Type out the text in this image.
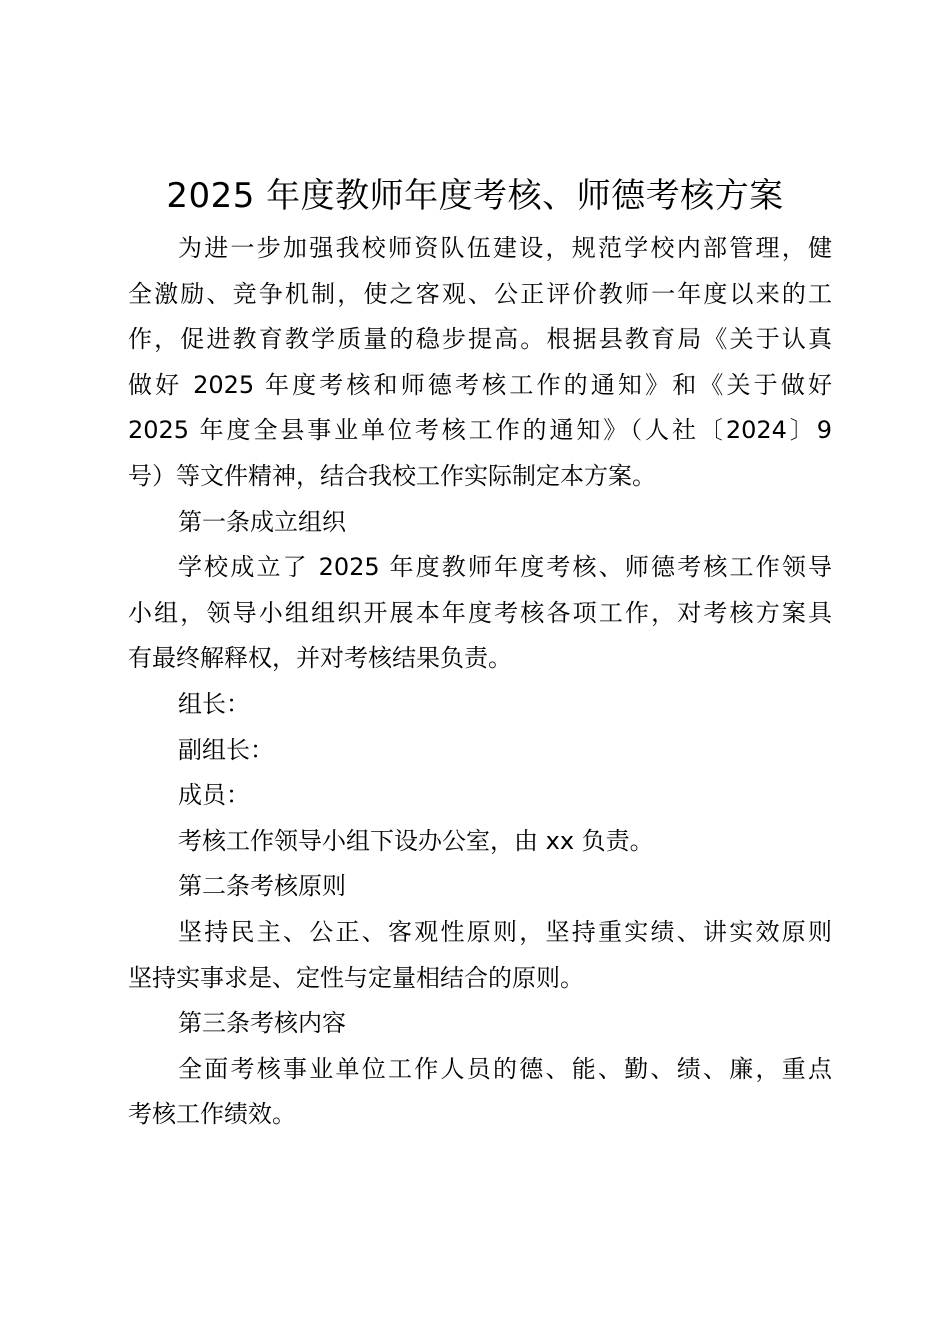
2025 年度教师年度考核、师德考核方案
为进一步加强我校师资队伍建设，规范学校内部管理，健
全激励、竞争机制，使之客观、公正评价教师一年度以来的工
作，促进教育教学质量的稳步提高。根据县教育局《关于认真
做好 2025 年度考核和师德考核工作的通知》和《关于做好
2025 年度全县事业单位考核工作的通知》（人社〔2024〕9
号）等文件精神，结合我校工作实际制定本方案。
第一条成立组织
学校成立了 2025 年度教师年度考核、师德考核工作领导
小组，领导小组组织开展本年度考核各项工作，对考核方案具
有最终解释权，并对考核结果负责。
组长：
副组长：
成员：
考核工作领导小组下设办公室，由 xx 负责。
第二条考核原则
坚持民主、公正、客观性原则，坚持重实绩、讲实效原则
坚持实事求是、定性与定量相结合的原则。
第三条考核内容
全面考核事业单位工作人员的德、能、勤、绩、廉，重点
考核工作绩效。
